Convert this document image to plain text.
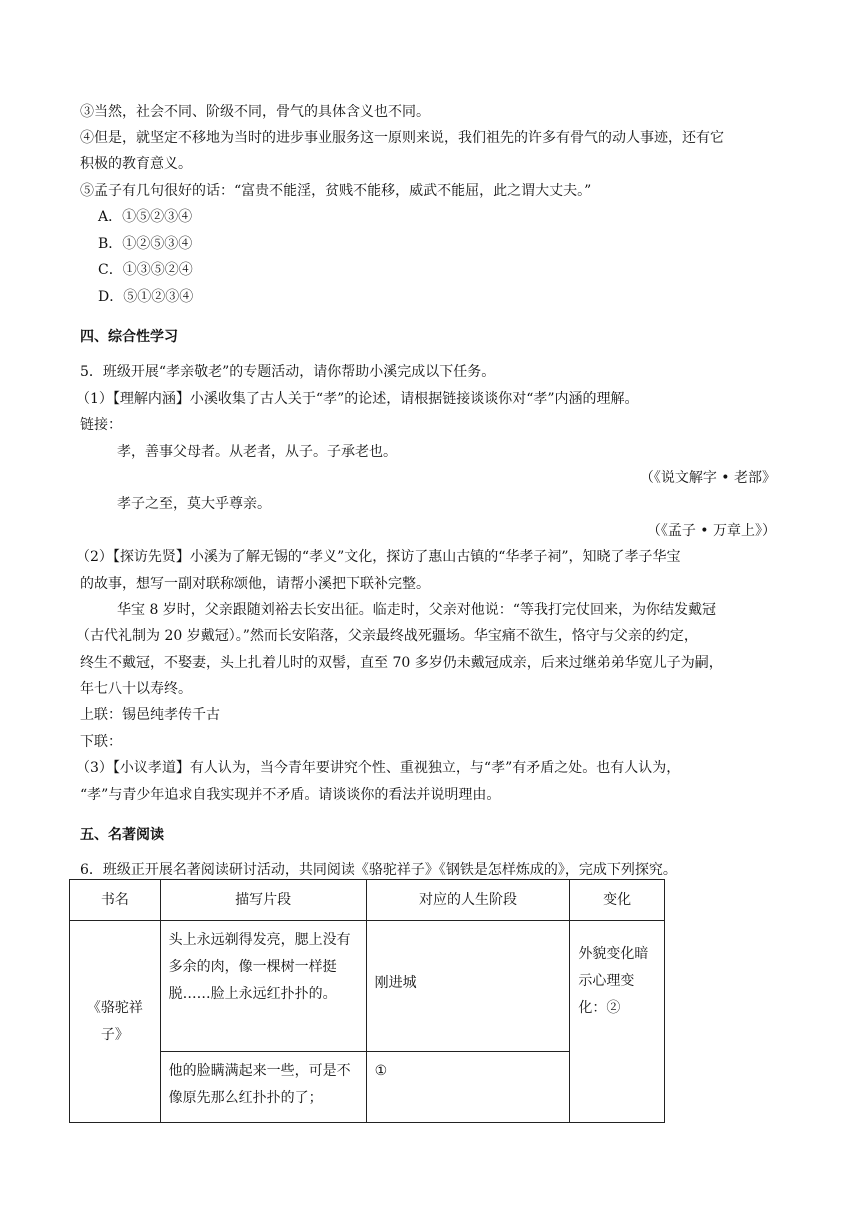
③当然，社会不同、阶级不同，骨气的具体含义也不同。
④但是，就坚定不移地为当时的进步事业服务这一原则来说，我们祖先的许多有骨气的动人事迹，还有它
积极的教育意义。
⑤孟子有几句很好的话：“富贵不能淫，贫贱不能移，威武不能屈，此之谓大丈夫。”
A．①⑤②③④
B．①②⑤③④
C．①③⑤②④
D．⑤①②③④
四、综合性学习
5．班级开展“孝亲敬老”的专题活动，请你帮助小溪完成以下任务。
（1）【理解内涵】小溪收集了古人关于“孝”的论述，请根据链接谈谈你对“孝”内涵的理解。
链接：
孝，善事父母者。从老者，从子。子承老也。
（《说文解字 • 老部》
孝子之至，莫大乎尊亲。
（《孟子 • 万章上》）
（2）【探访先贤】小溪为了解无锡的“孝义”文化，探访了惠山古镇的“华孝子祠”，知晓了孝子华宝
的故事，想写一副对联称颂他，请帮小溪把下联补完整。
华宝 8 岁时，父亲跟随刘裕去长安出征。临走时，父亲对他说：“等我打完仗回来，为你结发戴冠
（古代礼制为 20 岁戴冠）。”然而长安陷落，父亲最终战死疆场。华宝痛不欲生，恪守与父亲的约定，
终生不戴冠，不娶妻，头上扎着儿时的双髻，直至 70 多岁仍未戴冠成亲，后来过继弟弟华宽儿子为嗣，
年七八十以寿终。
上联：锡邑纯孝传千古
下联：
（3）【小议孝道】有人认为，当今青年要讲究个性、重视独立，与“孝”有矛盾之处。也有人认为，
“孝”与青少年追求自我实现并不矛盾。请谈谈你的看法并说明理由。
五、名著阅读
6．班级正开展名著阅读研讨活动，共同阅读《骆驼祥子》《钢铁是怎样炼成的》，完成下列探究。
书名	描写片段	对应的人生阶段	变化
《骆驼祥子》	头上永远剃得发亮，腮上没有多余的肉，像一棵树一样挺脱……脸上永远红扑扑的。	刚进城	外貌变化暗示心理变化：②
	他的脸瞒满起来一些，可是不像原先那么红扑扑的了；	①	
